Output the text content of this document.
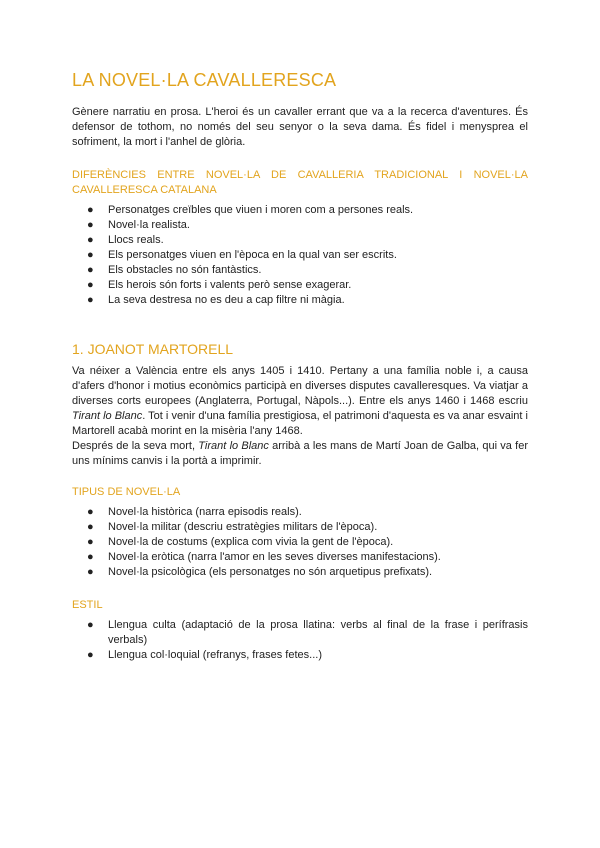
LA NOVEL·LA CAVALLERESCA
Gènere narratiu en prosa. L'heroi és un cavaller errant que va a la recerca d'aventures. És defensor de tothom, no només del seu senyor o la seva dama. És fidel i menysprea el sofriment, la mort i l'anhel de glòria.
DIFERÈNCIES ENTRE NOVEL·LA DE CAVALLERIA TRADICIONAL I NOVEL·LA
CAVALLERESCA CATALANA
● Personatges creïbles que viuen i moren com a persones reals.
● Novel·la realista.
● Llocs reals.
● Els personatges viuen en l'època en la qual van ser escrits.
● Els obstacles no són fantàstics.
● Els herois són forts i valents però sense exagerar.
● La seva destresa no es deu a cap filtre ni màgia.
1. JOANOT MARTORELL
Va néixer a València entre els anys 1405 i 1410. Pertany a una família noble i, a causa d'afers d'honor i motius econòmics participà en diverses disputes cavalleresques. Va viatjar a diverses corts europees (Anglaterra, Portugal, Nàpols...). Entre els anys 1460 i 1468 escriu Tirant lo Blanc. Tot i venir d'una família prestigiosa, el patrimoni d'aquesta es va anar esvaint i Martorell acabà morint en la misèria l'any 1468.
Després de la seva mort, Tirant lo Blanc arribà a les mans de Martí Joan de Galba, qui va fer uns mínims canvis i la portà a imprimir.
TIPUS DE NOVEL·LA
● Novel·la històrica (narra episodis reals).
● Novel·la militar (descriu estratègies militars de l'època).
● Novel·la de costums (explica com vivia la gent de l'època).
● Novel·la eròtica (narra l'amor en les seves diverses manifestacions).
● Novel·la psicològica (els personatges no són arquetipus prefixats).
ESTIL
● Llengua culta (adaptació de la prosa llatina: verbs al final de la frase i perífrasis verbals)
● Llengua col·loquial (refranys, frases fetes...)
